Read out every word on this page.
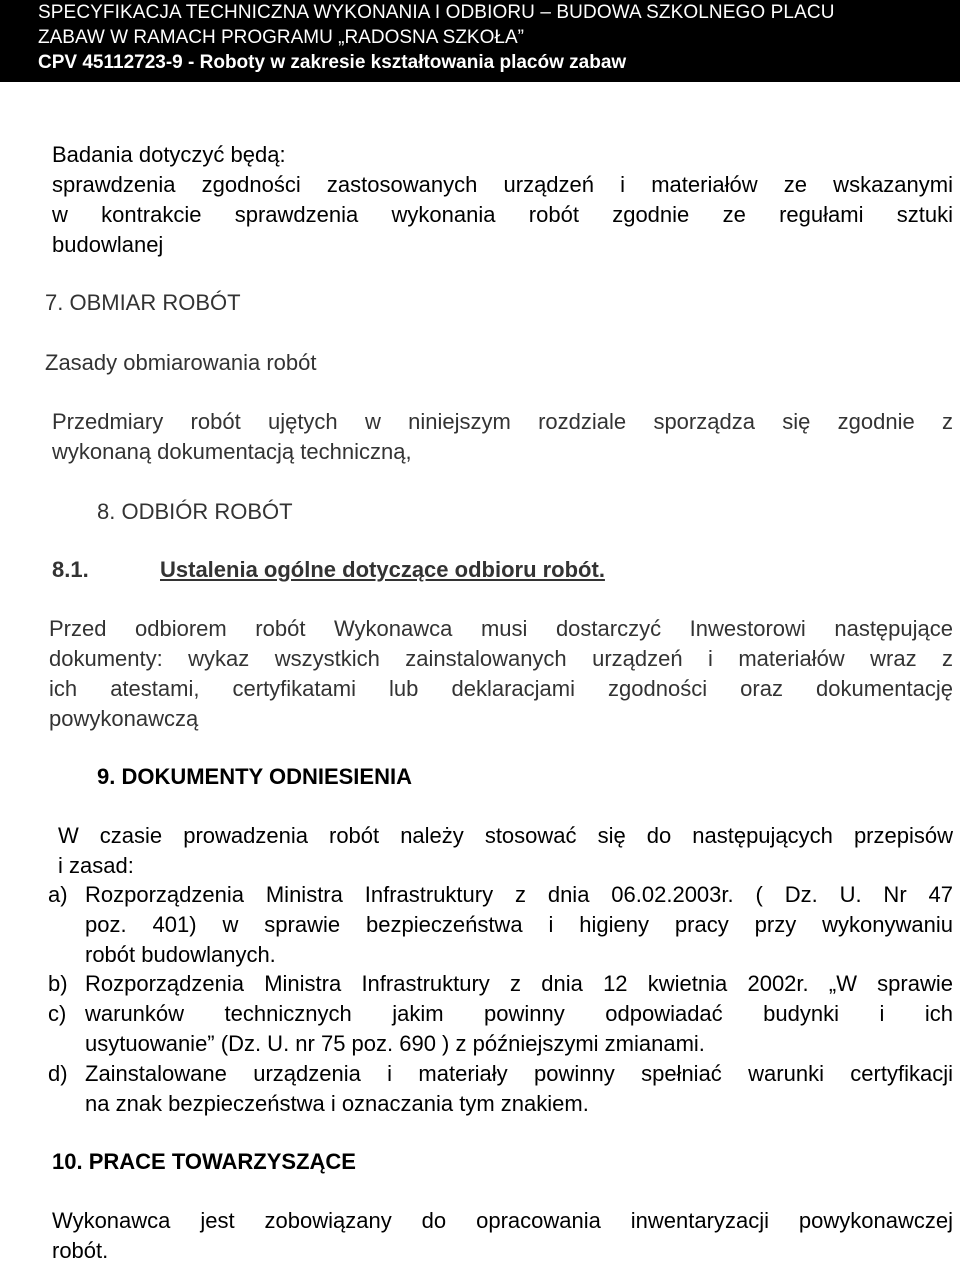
SPECYFIKACJA TECHNICZNA WYKONANIA I ODBIORU – BUDOWA SZKOLNEGO PLACU
ZABAW W RAMACH PROGRAMU „RADOSNA SZKOŁA”
CPV 45112723-9 - Roboty w zakresie kształtowania placów zabaw
Badania dotyczyć będą:
sprawdzenia zgodności zastosowanych urządzeń i materiałów ze wskazanymi
w kontrakcie sprawdzenia wykonania robót zgodnie ze regułami sztuki
budowlanej
7. OBMIAR ROBÓT
Zasady obmiarowania robót
Przedmiary robót ujętych w niniejszym rozdziale sporządza się zgodnie z
wykonaną dokumentacją techniczną,
8. ODBIÓR ROBÓT
8.1.	Ustalenia ogólne dotyczące odbioru robót.
Przed odbiorem robót Wykonawca musi dostarczyć Inwestorowi następujące
dokumenty: wykaz wszystkich zainstalowanych urządzeń i materiałów wraz z
ich atestami, certyfikatami lub deklaracjami zgodności oraz dokumentację
powykonawczą
9. DOKUMENTY ODNIESIENIA
W czasie prowadzenia robót należy stosować się do następujących przepisów
i zasad:
a) Rozporządzenia Ministra Infrastruktury z dnia 06.02.2003r. ( Dz. U. Nr 47
poz. 401) w sprawie bezpieczeństwa i higieny pracy przy wykonywaniu
robót budowlanych.
b) Rozporządzenia Ministra Infrastruktury z dnia 12 kwietnia 2002r. „W sprawie
c) warunków technicznych jakim powinny odpowiadać budynki i ich
usytuowanie” (Dz. U. nr 75 poz. 690 ) z późniejszymi zmianami.
d) Zainstalowane urządzenia i materiały powinny spełniać warunki certyfikacji
na znak bezpieczeństwa i oznaczania tym znakiem.
10. PRACE TOWARZYSZĄCE
Wykonawca jest zobowiązany do opracowania inwentaryzacji powykonawczej
robót.
